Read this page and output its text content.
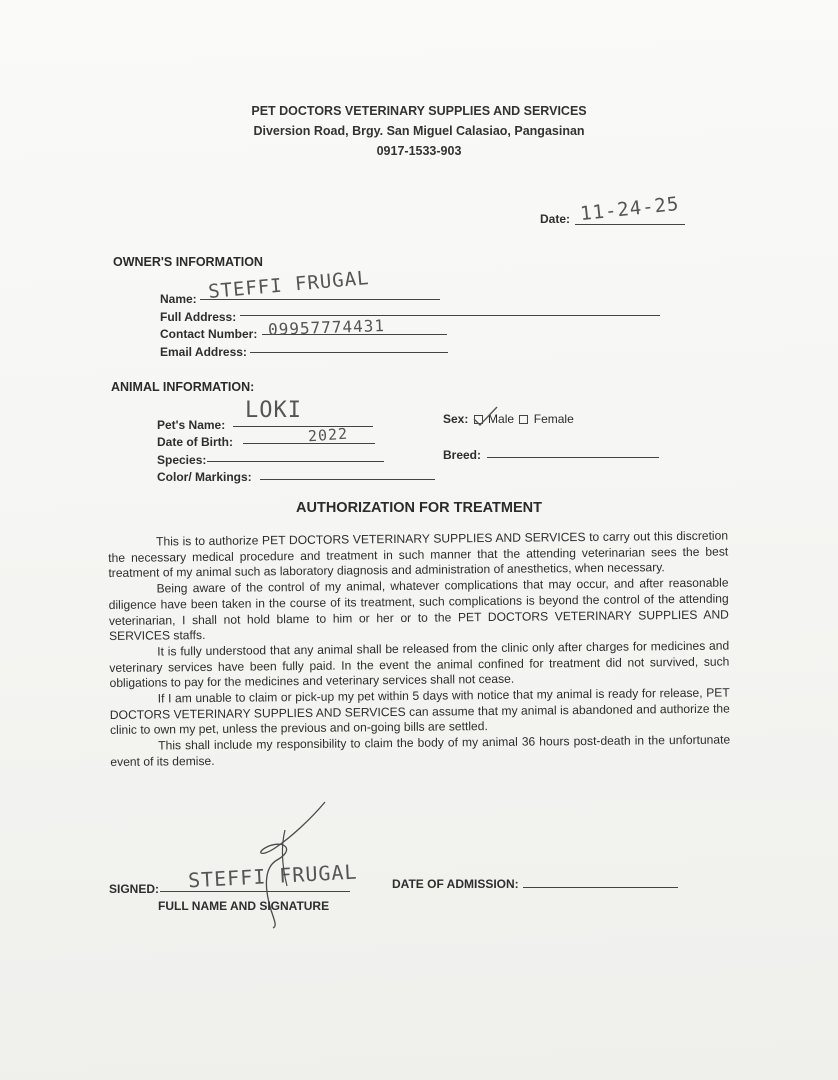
PET DOCTORS VETERINARY SUPPLIES AND SERVICES
Diversion Road, Brgy. San Miguel Calasiao, Pangasinan
0917-1533-903
Date: 11-24-25
OWNER'S INFORMATION
Name: STEFFI FRUGAL
Full Address:
Contact Number: 09957774431
Email Address:
ANIMAL INFORMATION:
Pet's Name:
LOKI
Date of Birth:	2022
Species:
Color/ Markings:
Sex: Male Female
Breed:
AUTHORIZATION FOR TREATMENT

This is to authorize PET DOCTORS VETERINARY SUPPLIES AND SERVICES to carry out this discretion the necessary medical procedure and treatment in such manner that the attending veterinarian sees the best treatment of my animal such as laboratory diagnosis and administration of anesthetics, when necessary.

Being aware of the control of my animal, whatever complications that may occur, and after reasonable diligence have been taken in the course of its treatment, such complications is beyond the control of the attending veterinarian, I shall not hold blame to him or her or to the PET DOCTORS VETERINARY SUPPLIES AND SERVICES staffs.

It is fully understood that any animal shall be released from the clinic only after charges for medicines and veterinary services have been fully paid. In the event the animal confined for treatment did not survived, such obligations to pay for the medicines and veterinary services shall not cease.

If I am unable to claim or pick-up my pet within 5 days with notice that my animal is ready for release, PET DOCTORS VETERINARY SUPPLIES AND SERVICES can assume that my animal is abandoned and authorize the clinic to own my pet, unless the previous and on-going bills are settled.

This shall include my responsibility to claim the body of my animal 36 hours post-death in the unfortunate event of its demise.

SIGNED: STEFFI FRUGAL
FULL NAME AND SIGNATURE
DATE OF ADMISSION:
